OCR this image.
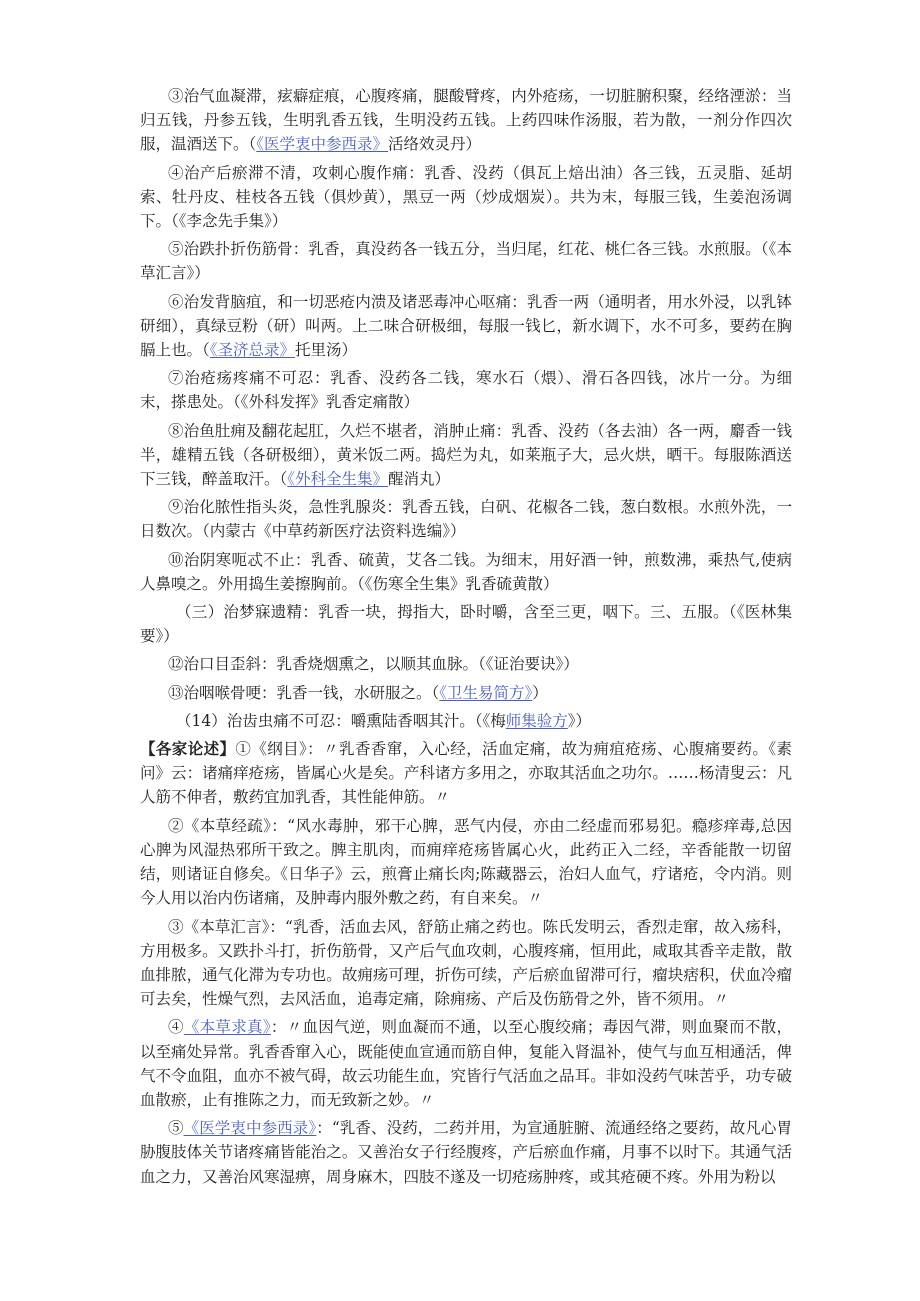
③治气血凝滞，痃癖症痕，心腹疼痛，腿酸臂疼，内外疮疡，一切脏腑积聚，经络湮淤：当归五钱，丹参五钱，生明乳香五钱，生明没药五钱。上药四味作汤服，若为散，一剂分作四次服，温酒送下。（《医学衷中参西录》活络效灵丹）

④治产后瘀滞不清，攻刺心腹作痛：乳香、没药（俱瓦上焙出油）各三钱，五灵脂、延胡索、牡丹皮、桂枝各五钱（俱炒黄），黑豆一两（炒成烟炭）。共为末，每服三钱，生姜泡汤调下。（《李念先手集》）

⑤治跌扑折伤筋骨：乳香，真没药各一钱五分，当归尾，红花、桃仁各三钱。水煎服。（《本草汇言》）

⑥治发背脑疽，和一切恶疮内溃及诸恶毒冲心呕痛：乳香一两（通明者，用水外浸，以乳钵研细），真绿豆粉（研）叫两。上二味合研极细，每服一钱匕，新水调下，水不可多，要药在胸膈上也。（《圣济总录》托里汤）

⑦治疮疡疼痛不可忍：乳香、没药各二钱，寒水石（煨）、滑石各四钱，冰片一分。为细末，搽患处。（《外科发挥》乳香定痛散）

⑧治鱼肚痈及翻花起肛，久烂不堪者，消肿止痛：乳香、没药（各去油）各一两，麝香一钱半，雄精五钱（各研极细），黄米饭二两。捣烂为丸，如莱瓶子大，忌火烘，晒干。每服陈酒送下三钱，醉盖取汗。（《外科全生集》醒消丸）

⑨治化脓性指头炎，急性乳腺炎：乳香五钱，白矾、花椒各二钱，葱白数根。水煎外洗，一日数次。（内蒙古《中草药新医疗法资料选编》）

⑩治阴寒呃忒不止：乳香、硫黄，艾各二钱。为细末，用好酒一钟，煎数沸，乘热气,使病人鼻嗅之。外用捣生姜擦胸前。（《伤寒全生集》乳香硫黄散）

（三）治梦寐遗精：乳香一块，拇指大，卧时嚼，含至三更，咽下。三、五服。（《医林集要》）

⑫治口目歪斜：乳香烧烟熏之，以顺其血脉。（《证治要诀》）

⑬治咽喉骨哽：乳香一钱，水研服之。（《卫生易简方》）

（14）治齿虫痛不可忍：嚼熏陆香咽其汁。（《梅师集验方》）

【各家论述】①《纲目》：〃乳香香窜，入心经，活血定痛，故为痈疽疮疡、心腹痛要药。《素问》云：诸痛痒疮疡，皆属心火是矣。产科诸方多用之，亦取其活血之功尔。……杨清叟云：凡人筋不伸者，敷药宜加乳香，其性能伸筋。〃

②《本草经疏》：“风水毒肿，邪干心脾，恶气内侵，亦由二经虚而邪易犯。瘾疹痒毒,总因心脾为风湿热邪所干致之。脾主肌肉，而痈痒疮疡皆属心火，此药正入二经，辛香能散一切留结，则诸证自修矣。《日华子》云，煎膏止痛长肉;陈藏器云，治妇人血气，疗诸疮，令内消。则今人用以治内伤诸痛，及肿毒内服外敷之药，有自来矣。〃

③《本草汇言》：“乳香，活血去风，舒筋止痛之药也。陈氏发明云，香烈走窜，故入疡科，方用极多。又跌扑斗打，折伤筋骨，又产后气血攻刺，心腹疼痛，恒用此，咸取其香辛走散，散血排脓，通气化滞为专功也。故痈疡可理，折伤可续，产后瘀血留滞可行，瘤块痞积，伏血冷瘤可去矣，性燥气烈，去风活血，追毒定痛，除痈疡、产后及伤筋骨之外，皆不须用。〃

④《本草求真》：〃血因气逆，则血凝而不通，以至心腹绞痛；毒因气滞，则血聚而不散，以至痛处异常。乳香香窜入心，既能使血宣通而筋自伸，复能入肾温补，使气与血互相通活，俾气不令血阻，血亦不被气碍，故云功能生血，究皆行气活血之品耳。非如没药气味苦乎，功专破血散瘀，止有推陈之力，而无致新之妙。〃

⑤《医学衷中参西录》：“乳香、没药，二药并用，为宣通脏腑、流通经络之要药，故凡心胃胁腹肢体关节诸疼痛皆能治之。又善治女子行经腹疼，产后瘀血作痛，月事不以时下。其通气活血之力，又善治风寒湿痹，周身麻木，四肢不遂及一切疮疡肿疼，或其疮硬不疼。外用为粉以
